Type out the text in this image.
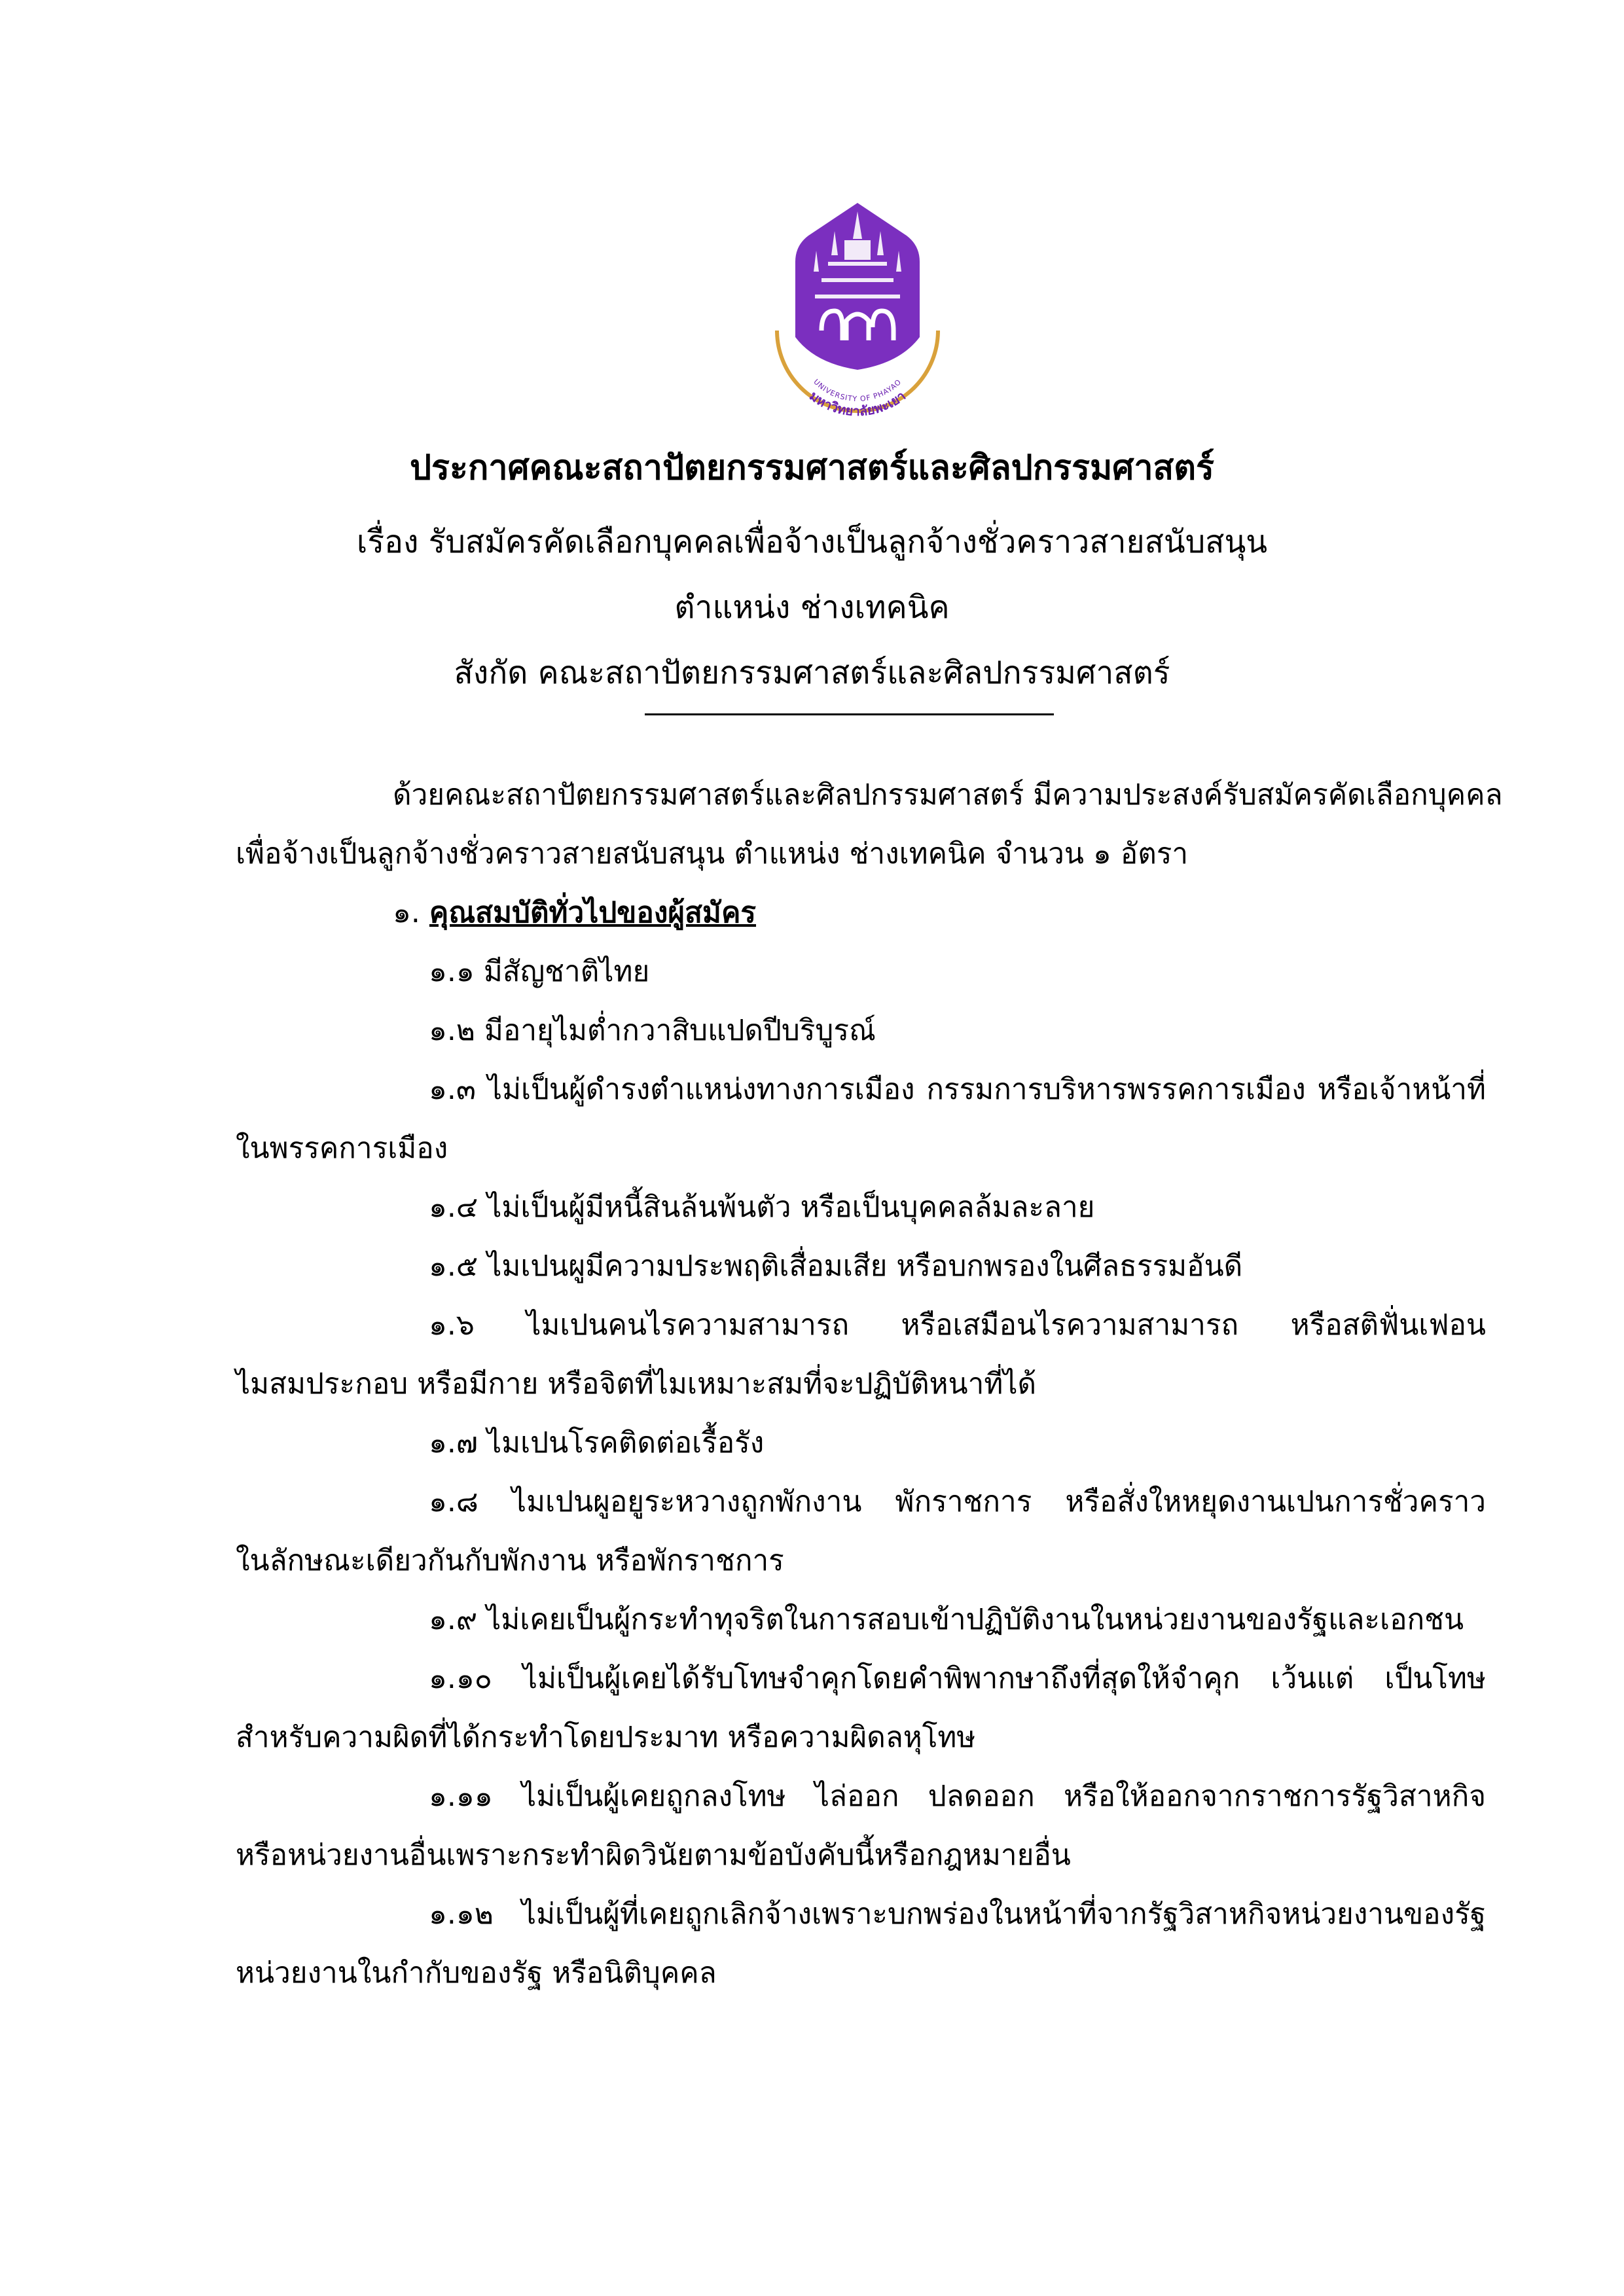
มหาวิทยาลัยพะเยา
UNIVERSITY OF PHAYAO
ประกาศคณะสถาปัตยกรรมศาสตร์และศิลปกรรมศาสตร์
เรื่อง รับสมัครคัดเลือกบุคคลเพื่อจ้างเป็นลูกจ้างชั่วคราวสายสนับสนุน
ตำแหน่ง ช่างเทคนิค
สังกัด คณะสถาปัตยกรรมศาสตร์และศิลปกรรมศาสตร์
ด้วยคณะสถาปัตยกรรมศาสตร์และศิลปกรรมศาสตร์ มีความประสงค์รับสมัครคัดเลือกบุคคล
เพื่อจ้างเป็นลูกจ้างชั่วคราวสายสนับสนุน ตำแหน่ง ช่างเทคนิค จำนวน ๑ อัตรา
๑. คุณสมบัติทั่วไปของผู้สมัคร
๑.๑ มีสัญชาติไทย
๑.๒ มีอายุไมต่ำกวาสิบแปดปีบริบูรณ์
๑.๓ ไม่เป็นผู้ดำรงตำแหน่งทางการเมือง กรรมการบริหารพรรคการเมือง หรือเจ้าหน้าที่
ในพรรคการเมือง
๑.๔ ไม่เป็นผู้มีหนี้สินล้นพ้นตัว หรือเป็นบุคคลล้มละลาย
๑.๕ ไมเปนผูมีความประพฤติเสื่อมเสีย หรือบกพรองในศีลธรรมอันดี
๑.๖ ไมเปนคนไรความสามารถ หรือเสมือนไรความสามารถ หรือสติฟั่นเฟอน
ไมสมประกอบ หรือมีกาย หรือจิตที่ไมเหมาะสมที่จะปฏิบัติหนาที่ได้
๑.๗ ไมเปนโรคติดต่อเรื้อรัง
๑.๘ ไมเปนผูอยูระหวางถูกพักงาน พักราชการ หรือสั่งใหหยุดงานเปนการชั่วคราว
ในลักษณะเดียวกันกับพักงาน หรือพักราชการ
๑.๙ ไม่เคยเป็นผู้กระทำทุจริตในการสอบเข้าปฏิบัติงานในหน่วยงานของรัฐและเอกชน
๑.๑๐ ไม่เป็นผู้เคยได้รับโทษจำคุกโดยคำพิพากษาถึงที่สุดให้จำคุก เว้นแต่ เป็นโทษ
สำหรับความผิดที่ได้กระทำโดยประมาท หรือความผิดลหุโทษ
๑.๑๑ ไม่เป็นผู้เคยถูกลงโทษ ไล่ออก ปลดออก หรือให้ออกจากราชการรัฐวิสาหกิจ
หรือหน่วยงานอื่นเพราะกระทำผิดวินัยตามข้อบังคับนี้หรือกฎหมายอื่น
๑.๑๒ ไม่เป็นผู้ที่เคยถูกเลิกจ้างเพราะบกพร่องในหน้าที่จากรัฐวิสาหกิจหน่วยงานของรัฐ
หน่วยงานในกำกับของรัฐ หรือนิติบุคคล
